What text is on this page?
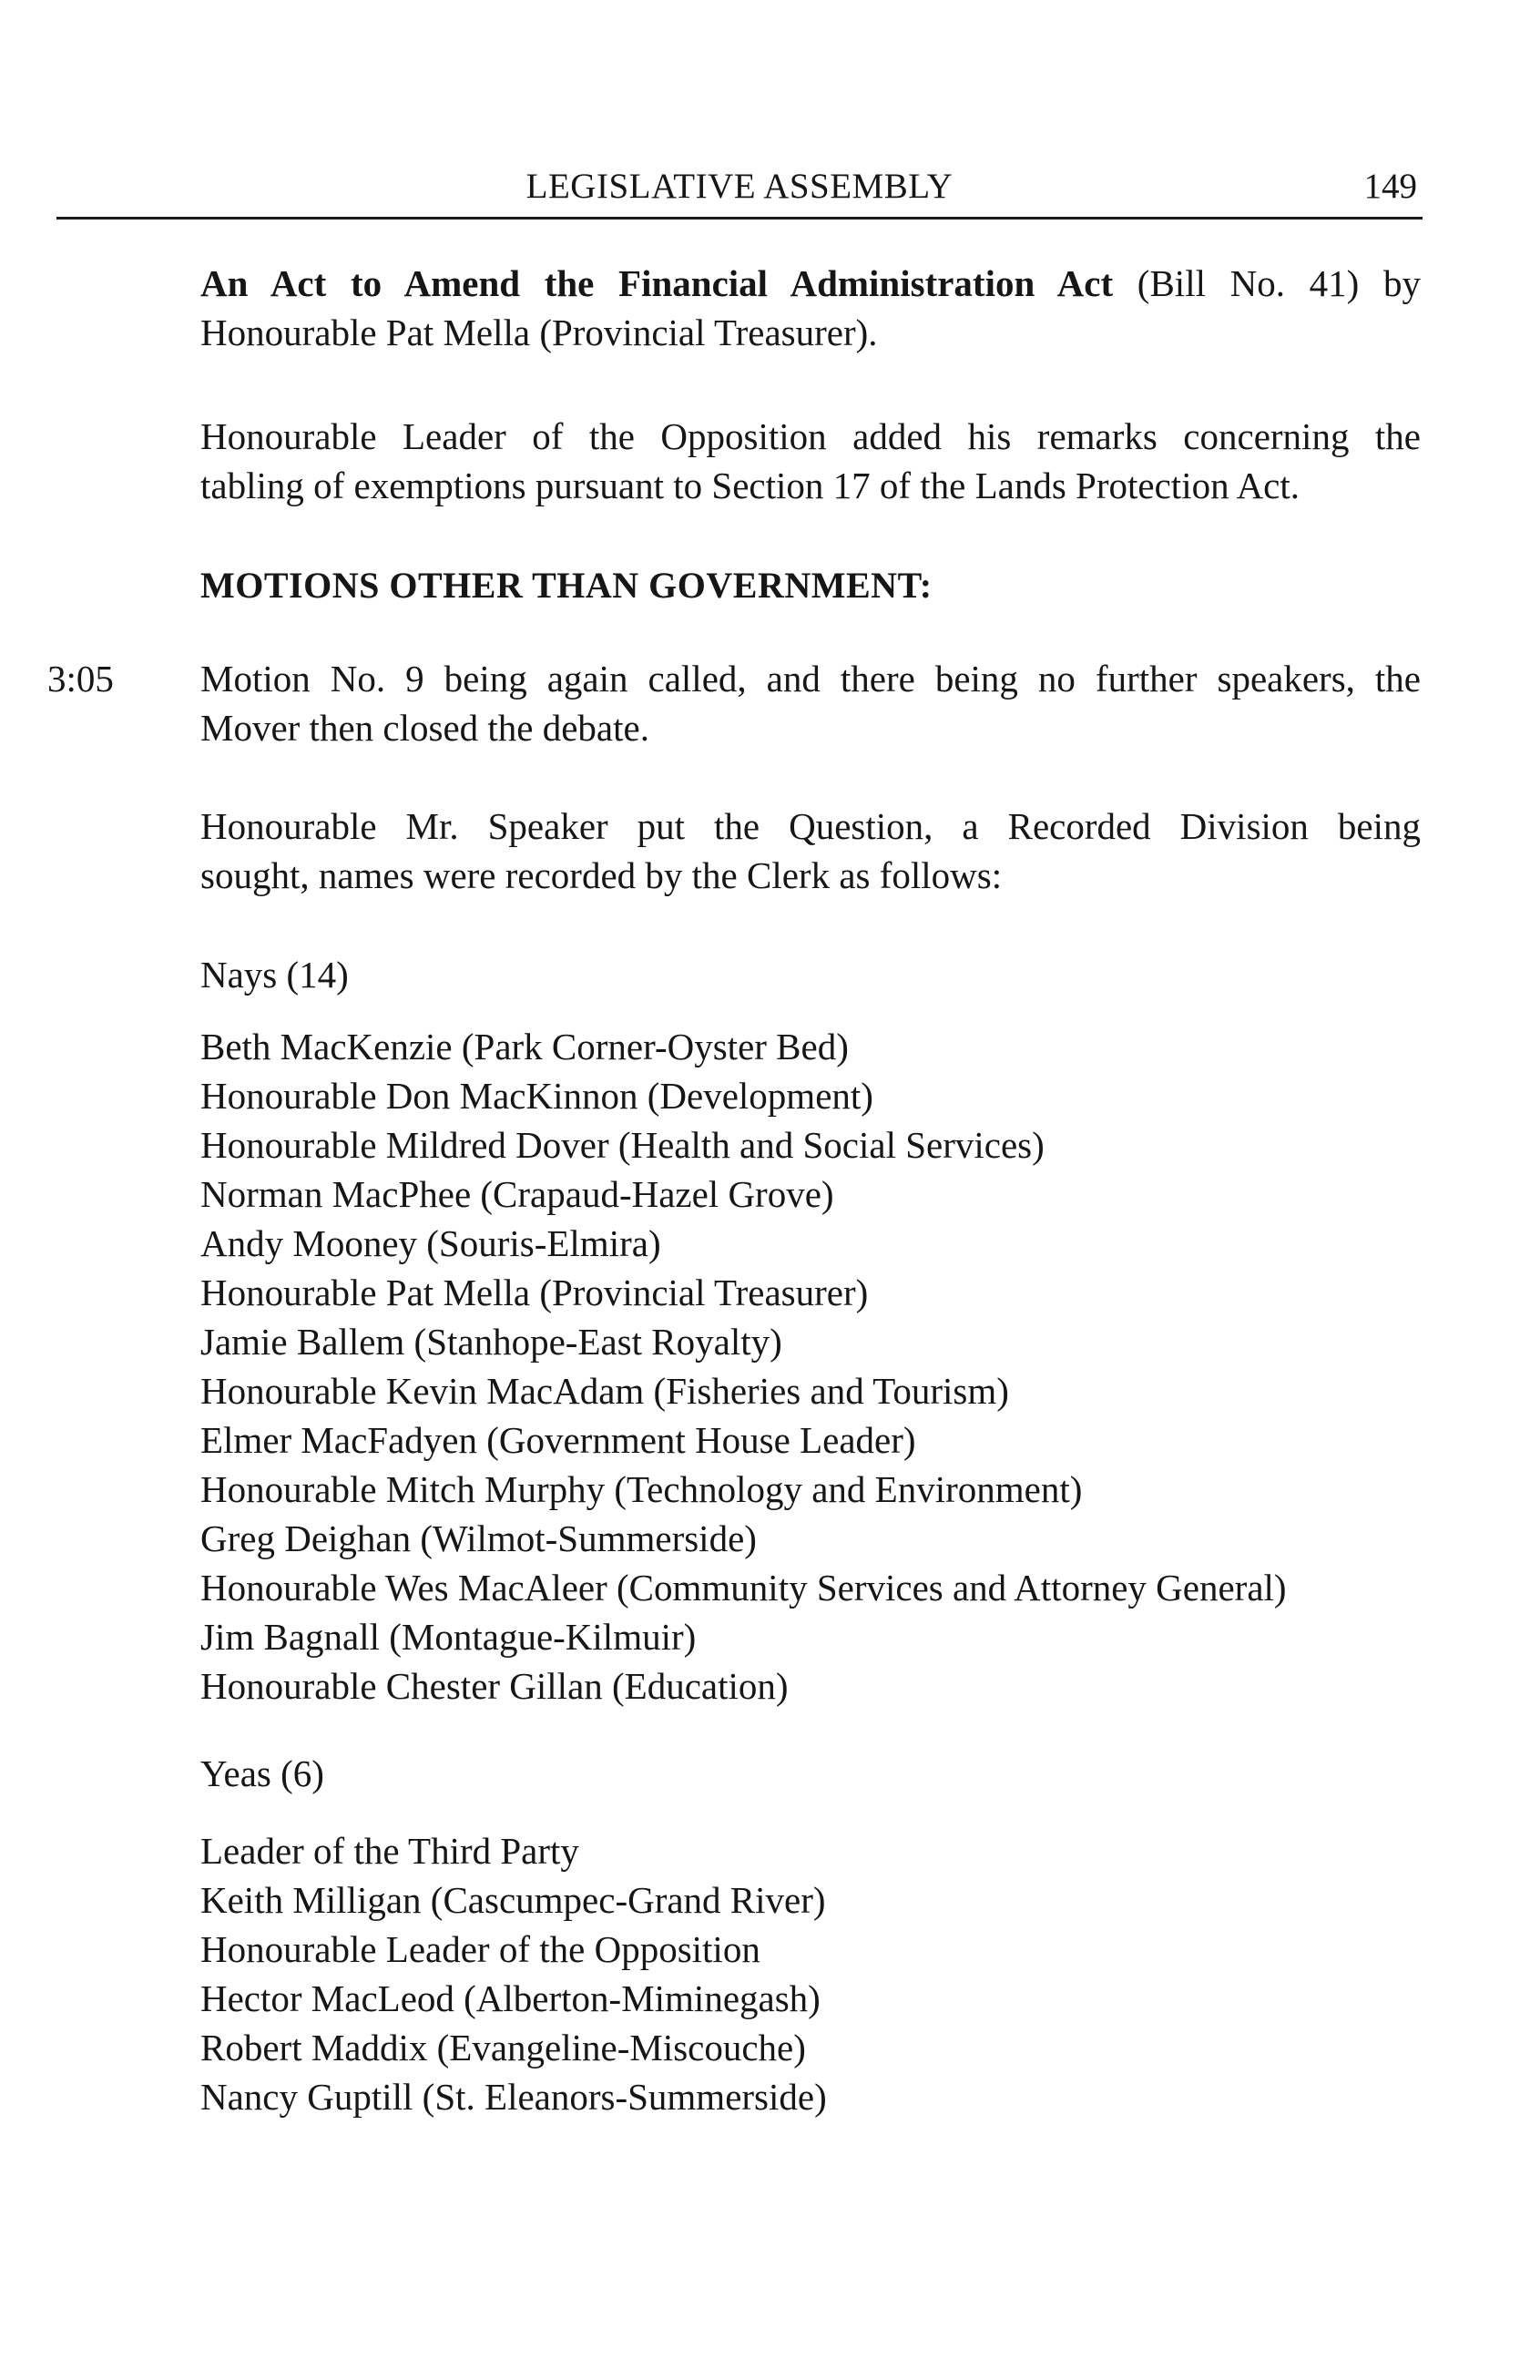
LEGISLATIVE ASSEMBLY	149
An Act to Amend the Financial Administration Act (Bill No. 41) by
Honourable Pat Mella (Provincial Treasurer).
Honourable Leader of the Opposition added his remarks concerning the
tabling of exemptions pursuant to Section 17 of the Lands Protection Act.
MOTIONS OTHER THAN GOVERNMENT:
3:05 Motion No. 9 being again called, and there being no further speakers, the
Mover then closed the debate.
Honourable Mr. Speaker put the Question, a Recorded Division being
sought, names were recorded by the Clerk as follows:
Nays (14)
Beth MacKenzie (Park Corner-Oyster Bed)
Honourable Don MacKinnon (Development)
Honourable Mildred Dover (Health and Social Services)
Norman MacPhee (Crapaud-Hazel Grove)
Andy Mooney (Souris-Elmira)
Honourable Pat Mella (Provincial Treasurer)
Jamie Ballem (Stanhope-East Royalty)
Honourable Kevin MacAdam (Fisheries and Tourism)
Elmer MacFadyen (Government House Leader)
Honourable Mitch Murphy (Technology and Environment)
Greg Deighan (Wilmot-Summerside)
Honourable Wes MacAleer (Community Services and Attorney General)
Jim Bagnall (Montague-Kilmuir)
Honourable Chester Gillan (Education)
Yeas (6)
Leader of the Third Party
Keith Milligan (Cascumpec-Grand River)
Honourable Leader of the Opposition
Hector MacLeod (Alberton-Miminegash)
Robert Maddix (Evangeline-Miscouche)
Nancy Guptill (St. Eleanors-Summerside)
